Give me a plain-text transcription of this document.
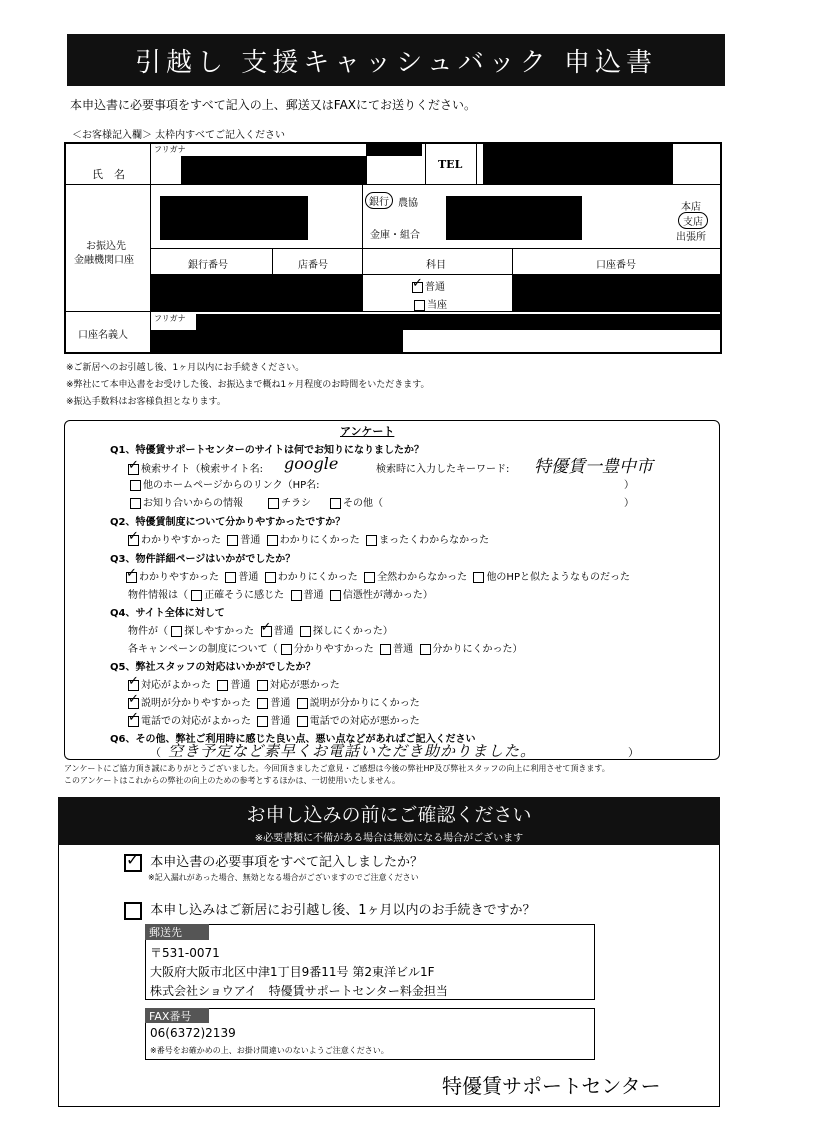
引越し 支援キャッシュバック 申込書
本申込書に必要事項をすべて記入の上、郵送又はFAXにてお送りください。
＜お客様記入欄＞ 太枠内すべてご記入ください
氏　名
フリガナ
TEL
お振込先
金融機関口座
銀行 農協
金庫・組合
本店
支店
出張所
銀行番号	店番号	科目	口座番号
✓普通
当座
口座名義人
フリガナ
※ご新居へのお引越し後、1ヶ月以内にお手続きください。
※弊社にて本申込書をお受けした後、お振込まで概ね1ヶ月程度のお時間をいただきます。
※振込手数料はお客様負担となります。
アンケート
Q1、特優賃サポートセンターのサイトは何でお知りになりましたか？
✓検索サイト（検索サイト名: google	検索時に入力したキーワード: 特優賃一豊中市
他のホームページからのリンク（HP名:	）
お知り合いからの情報	チラシ	その他（	）
Q2、特優賃制度について分かりやすかったですか？
✓わかりやすかった 普通 わかりにくかった まったくわからなかった
Q3、物件詳細ページはいかがでしたか？
✓わかりやすかった 普通 わかりにくかった 全然わからなかった 他のHPと似たようなものだった
物件情報は（ 正確そうに感じた 普通 信憑性が薄かった）
Q4、サイト全体に対して
物件が（ 探しやすかった  ✓ 普通 探しにくかった）
各キャンペーンの制度について（ 分かりやすかった 普通 分かりにくかった）
Q5、弊社スタッフの対応はいかがでしたか？
✓対応がよかった 普通 対応が悪かった
✓説明が分かりやすかった 普通 説明が分かりにくかった
✓電話での対応がよかった 普通 電話での対応が悪かった
Q6、その他、弊社ご利用時に感じた良い点、悪い点などがあればご記入ください
（ 空き予定など素早くお電話いただき助かりました。	）
アンケートにご協力頂き誠にありがとうございました。今回頂きましたご意見・ご感想は今後の弊社HP及び弊社スタッフの向上に利用させて頂きます。
このアンケートはこれからの弊社の向上のための参考とするほかは、一切使用いたしません。
お申し込みの前にご確認ください
※必要書類に不備がある場合は無効になる場合がございます
✓  本申込書の必要事項をすべて記入しましたか？
※記入漏れがあった場合、無効となる場合がございますのでご注意ください
本申し込みはご新居にお引越し後、1ヶ月以内のお手続きですか？
郵送先
〒531-0071
大阪府大阪市北区中津1丁目9番11号 第2東洋ビル1F
株式会社ショウアイ　特優賃サポートセンター料金担当
FAX番号
06(6372)2139
※番号をお確かめの上、お掛け間違いのないようご注意ください。
特優賃サポートセンター
